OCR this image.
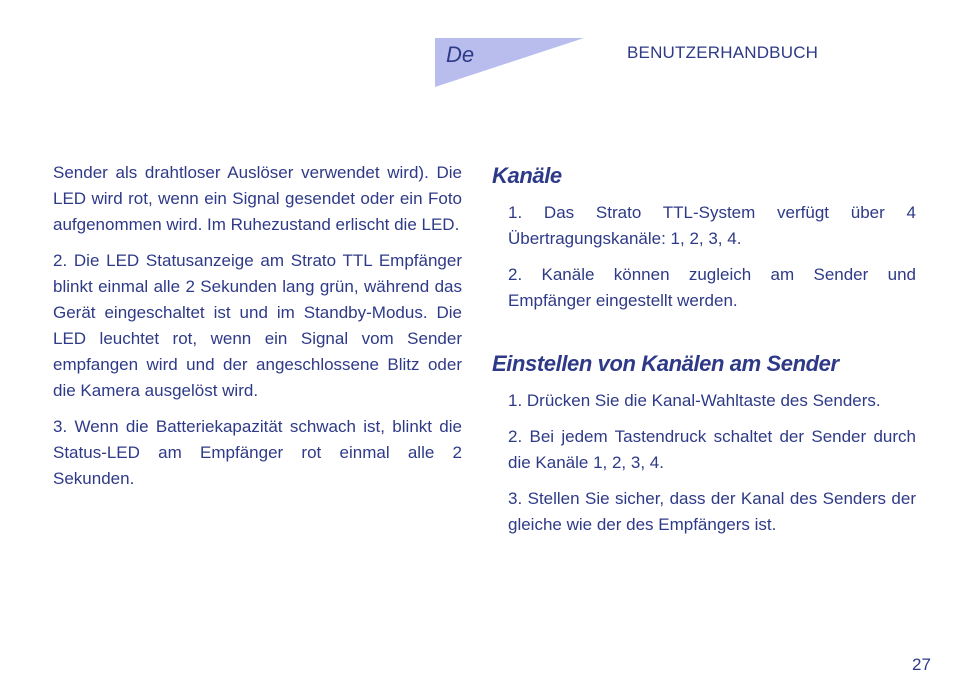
De	BENUTZERHANDBUCH

Sender als drahtloser Auslöser verwendet wird). Die LED wird rot, wenn ein Signal gesendet oder ein Foto aufgenommen wird. Im Ruhezustand erlischt die LED.

2. Die LED Statusanzeige am Strato TTL Empfänger blinkt einmal alle 2 Sekunden lang grün, während das Gerät eingeschaltet ist und im Standby-Modus. Die LED leuchtet rot, wenn ein Signal vom Sender empfangen wird und der angeschlossene Blitz oder die Kamera ausgelöst wird.

3. Wenn die Batteriekapazität schwach ist, blinkt die Status-LED am Empfänger rot einmal alle 2 Sekunden.

Kanäle

1. Das Strato TTL-System verfügt über 4 Übertragungskanäle: 1, 2, 3, 4.

2. Kanäle können zugleich am Sender und Empfänger eingestellt werden.

Einstellen von Kanälen am Sender

1. Drücken Sie die Kanal-Wahltaste des Senders.

2. Bei jedem Tastendruck schaltet der Sender durch die Kanäle 1, 2, 3, 4.

3. Stellen Sie sicher, dass der Kanal des Senders der gleiche wie der des Empfängers ist.

27
